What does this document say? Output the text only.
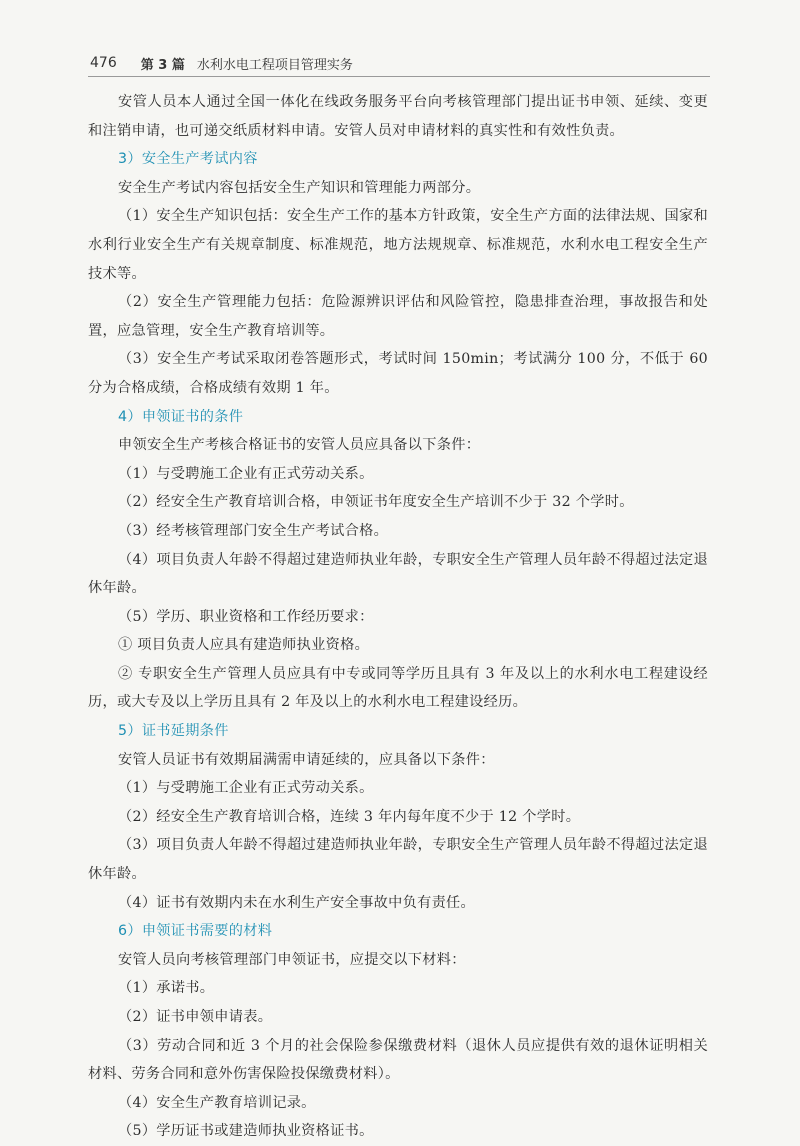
476 第 3 篇 水利水电工程项目管理实务

安管人员本人通过全国一体化在线政务服务平台向考核管理部门提出证书申领、延续、变更和注销申请，也可递交纸质材料申请。安管人员对申请材料的真实性和有效性负责。

3）安全生产考试内容

安全生产考试内容包括安全生产知识和管理能力两部分。

（1）安全生产知识包括：安全生产工作的基本方针政策，安全生产方面的法律法规、国家和水利行业安全生产有关规章制度、标准规范，地方法规规章、标准规范，水利水电工程安全生产技术等。

（2）安全生产管理能力包括：危险源辨识评估和风险管控，隐患排查治理，事故报告和处置，应急管理，安全生产教育培训等。

（3）安全生产考试采取闭卷答题形式，考试时间 150min；考试满分 100 分，不低于 60 分为合格成绩，合格成绩有效期 1 年。

4）申领证书的条件

申领安全生产考核合格证书的安管人员应具备以下条件：

（1）与受聘施工企业有正式劳动关系。

（2）经安全生产教育培训合格，申领证书年度安全生产培训不少于 32 个学时。

（3）经考核管理部门安全生产考试合格。

（4）项目负责人年龄不得超过建造师执业年龄，专职安全生产管理人员年龄不得超过法定退休年龄。

（5）学历、职业资格和工作经历要求：

① 项目负责人应具有建造师执业资格。

② 专职安全生产管理人员应具有中专或同等学历且具有 3 年及以上的水利水电工程建设经历，或大专及以上学历且具有 2 年及以上的水利水电工程建设经历。

5）证书延期条件

安管人员证书有效期届满需申请延续的，应具备以下条件：

（1）与受聘施工企业有正式劳动关系。

（2）经安全生产教育培训合格，连续 3 年内每年度不少于 12 个学时。

（3）项目负责人年龄不得超过建造师执业年龄，专职安全生产管理人员年龄不得超过法定退休年龄。

（4）证书有效期内未在水利生产安全事故中负有责任。

6）申领证书需要的材料

安管人员向考核管理部门申领证书，应提交以下材料：

（1）承诺书。

（2）证书申领申请表。

（3）劳动合同和近 3 个月的社会保险参保缴费材料（退休人员应提供有效的退休证明相关材料、劳务合同和意外伤害保险投保缴费材料）。

（4）安全生产教育培训记录。

（5）学历证书或建造师执业资格证书。
